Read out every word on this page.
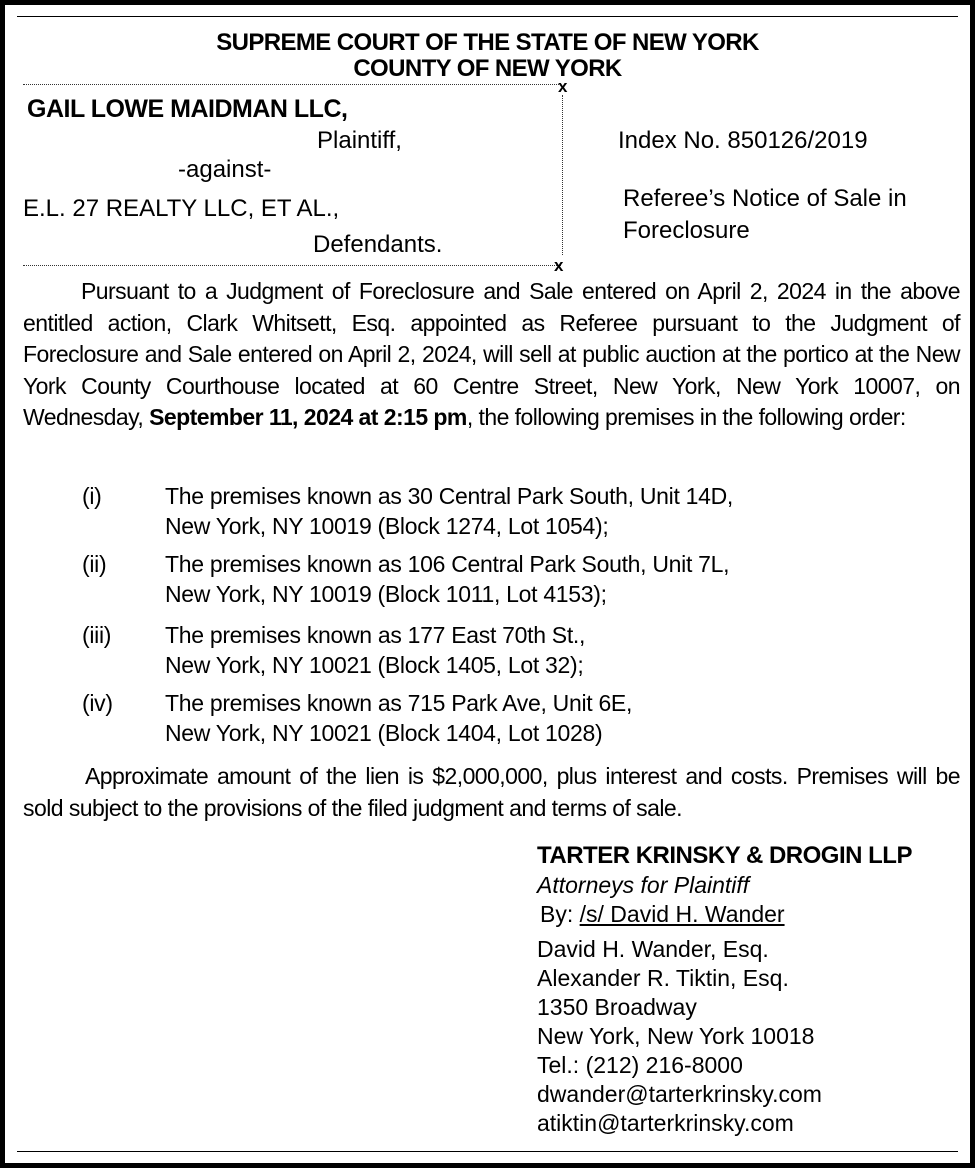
SUPREME COURT OF THE STATE OF NEW YORK
COUNTY OF NEW YORK
x
x
GAIL LOWE MAIDMAN LLC,
Plaintiff,
-against-
E.L. 27 REALTY LLC, ET AL.,
Defendants.
Index No. 850126/2019
Referee’s Notice of Sale in
Foreclosure
Pursuant to a Judgment of Foreclosure and Sale entered on April 2, 2024 in the above entitled action, Clark Whitsett, Esq. appointed as Referee pursuant to the Judgment of Foreclosure and Sale entered on April 2, 2024, will sell at public auction at the portico at the New York County Courthouse located at 60 Centre Street, New York, New York 10007, on Wednesday, September 11, 2024 at 2:15 pm, the following premises in the following order:
(i)	The premises known as 30 Central Park South, Unit 14D,
New York, NY 10019 (Block 1274, Lot 1054);
(ii)	The premises known as 106 Central Park South, Unit 7L,
New York, NY 10019 (Block 1011, Lot 4153);
(iii) The premises known as 177 East 70th St.,
New York, NY 10021 (Block 1405, Lot 32);
(iv) The premises known as 715 Park Ave, Unit 6E,
New York, NY 10021 (Block 1404, Lot 1028)
Approximate amount of the lien is $2,000,000, plus interest and costs. Premises will be sold subject to the provisions of the filed judgment and terms of sale.
TARTER KRINSKY & DROGIN LLP
Attorneys for Plaintiff
By: /s/ David H. Wander
David H. Wander, Esq.
Alexander R. Tiktin, Esq.
1350 Broadway
New York, New York 10018
Tel.: (212) 216-8000
dwander@tarterkrinsky.com
atiktin@tarterkrinsky.com
